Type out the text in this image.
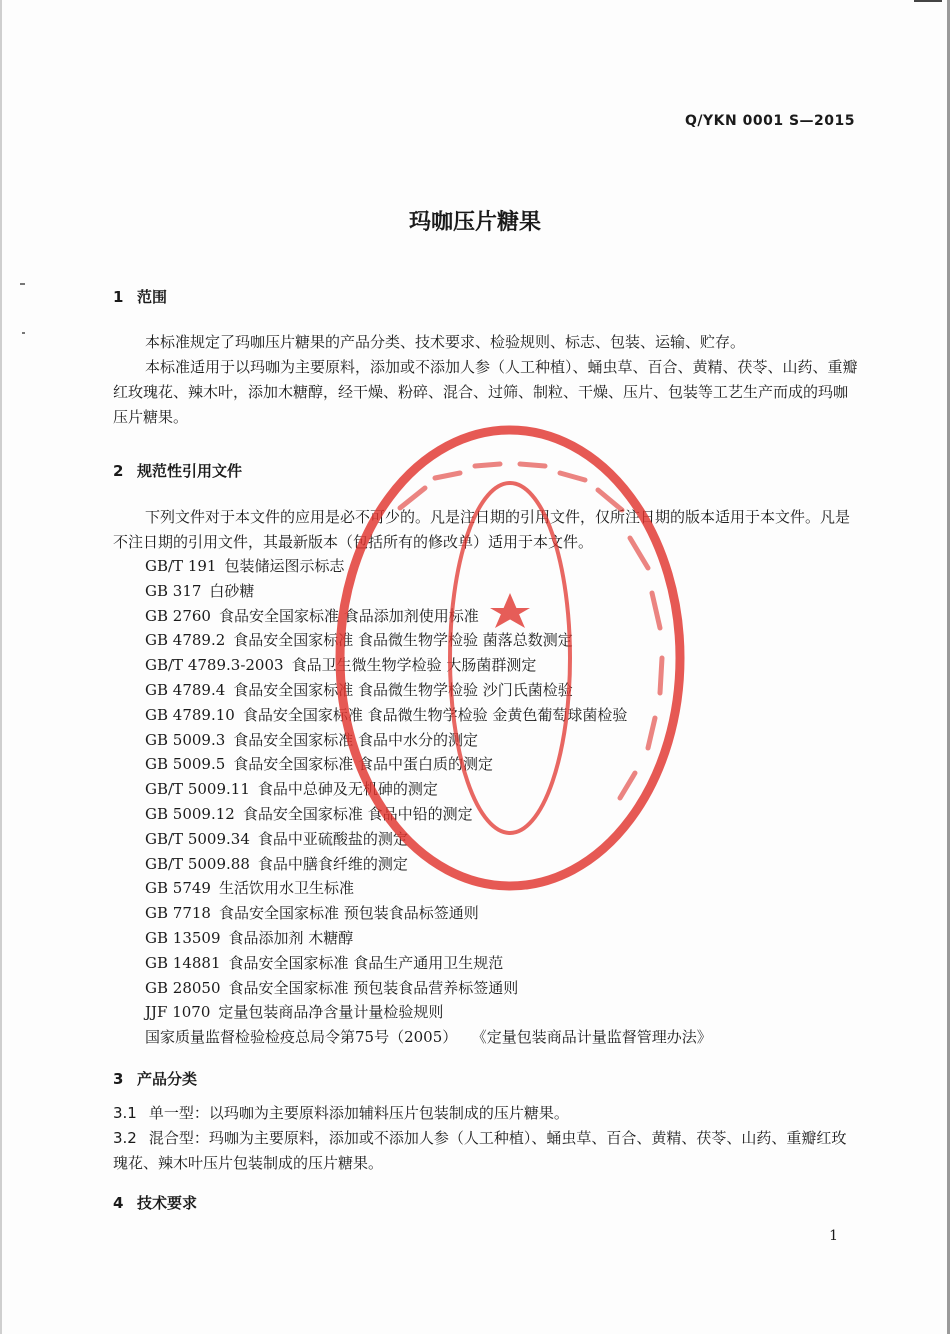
Q/YKN 0001 S—2015
玛咖压片糖果
1 范围

本标准规定了玛咖压片糖果的产品分类、技术要求、检验规则、标志、包装、运输、贮存。

本标准适用于以玛咖为主要原料，添加或不添加人参（人工种植）、蛹虫草、百合、黄精、茯苓、山药、重瓣红玫瑰花、辣木叶，添加木糖醇，经干燥、粉碎、混合、过筛、制粒、干燥、压片、包装等工艺生产而成的玛咖压片糖果。

2 规范性引用文件

下列文件对于本文件的应用是必不可少的。凡是注日期的引用文件，仅所注日期的版本适用于本文件。凡是不注日期的引用文件，其最新版本（包括所有的修改单）适用于本文件。

GB/T 191 包装储运图示标志
GB 317 白砂糖
GB 2760 食品安全国家标准 食品添加剂使用标准
GB 4789.2 食品安全国家标准 食品微生物学检验 菌落总数测定
GB/T 4789.3-2003 食品卫生微生物学检验 大肠菌群测定
GB 4789.4 食品安全国家标准 食品微生物学检验 沙门氏菌检验
GB 4789.10 食品安全国家标准 食品微生物学检验 金黄色葡萄球菌检验
GB 5009.3 食品安全国家标准 食品中水分的测定
GB 5009.5 食品安全国家标准 食品中蛋白质的测定
GB/T 5009.11 食品中总砷及无机砷的测定
GB 5009.12 食品安全国家标准 食品中铅的测定
GB/T 5009.34 食品中亚硫酸盐的测定
GB/T 5009.88 食品中膳食纤维的测定
GB 5749 生活饮用水卫生标准
GB 7718 食品安全国家标准 预包装食品标签通则
GB 13509 食品添加剂 木糖醇
GB 14881 食品安全国家标准 食品生产通用卫生规范
GB 28050 食品安全国家标准 预包装食品营养标签通则
JJF 1070 定量包装商品净含量计量检验规则
国家质量监督检验检疫总局令第75号（2005） 《定量包装商品计量监督管理办法》
3 产品分类
3.1 单一型：以玛咖为主要原料添加辅料压片包装制成的压片糖果。
3.2 混合型：玛咖为主要原料，添加或不添加人参（人工种植）、蛹虫草、百合、黄精、茯苓、山药、重瓣红玫瑰花、辣木叶压片包装制成的压片糖果。
4 技术要求
1
